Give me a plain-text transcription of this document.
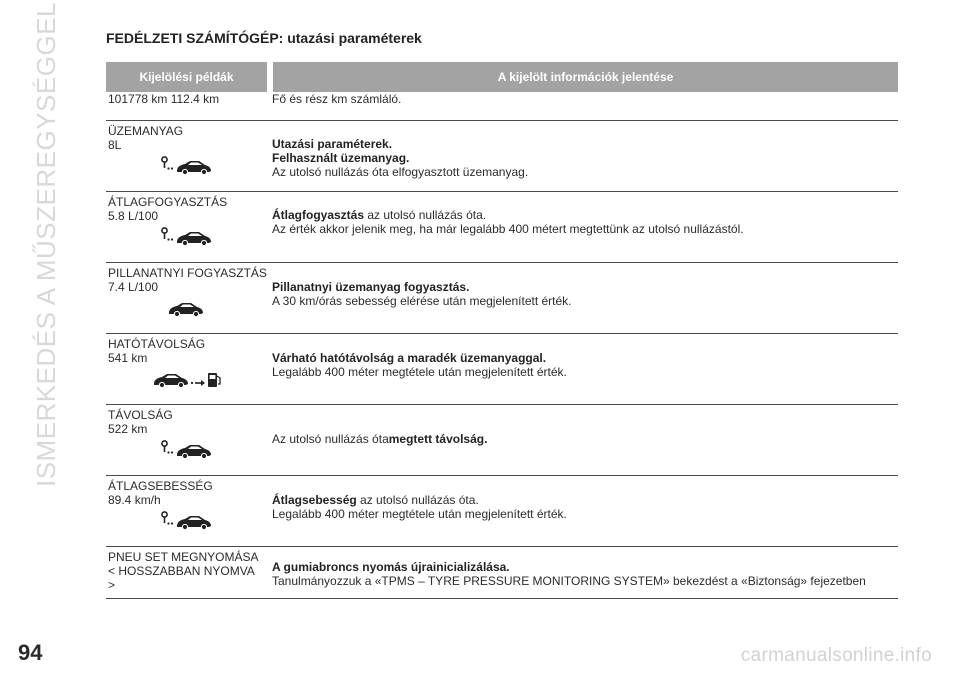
ISMERKEDÉS A MŰSZEREGYSÉGGEL	FEDÉLZETI SZÁMÍTÓGÉP: utazási paraméterek
Kijelölési példák	A kijelölt információk jelentése

101778 km 112.4 km	Fő és rész km számláló.

ÜZEMANYAG
8L	Utazási paraméterek.
Felhasznált üzemanyag.
Az utolsó nullázás óta elfogyasztott üzemanyag.

ÁTLAGFOGYASZTÁS
5.8 L/100	Átlagfogyasztás az utolsó nullázás óta.
Az érték akkor jelenik meg, ha már legalább 400 métert megtettünk az utolsó nullázástól.

PILLANATNYI FOGYASZTÁS
7.4 L/100	Pillanatnyi üzemanyag fogyasztás.
A 30 km/órás sebesség elérése után megjelenített érték.

HATÓTÁVOLSÁG
541 km	Várható hatótávolság a maradék üzemanyaggal.
Legalább 400 méter megtétele után megjelenített érték.

TÁVOLSÁG
522 km	Az utolsó nullázás ótamegtett távolság.

ÁTLAGSEBESSÉG
89.4 km/h	Átlagsebesség az utolsó nullázás óta.
Legalább 400 méter megtétele után megjelenített érték.

PNEU SET MEGNYOMÁSA
< HOSSZABBAN NYOMVA
>	A gumiabroncs nyomás újrainicializálása.
Tanulmányozzuk a «TPMS – TYRE PRESSURE MONITORING SYSTEM» bekezdést a «Biztonság» fejezetben
94	carmanualsonline.info
